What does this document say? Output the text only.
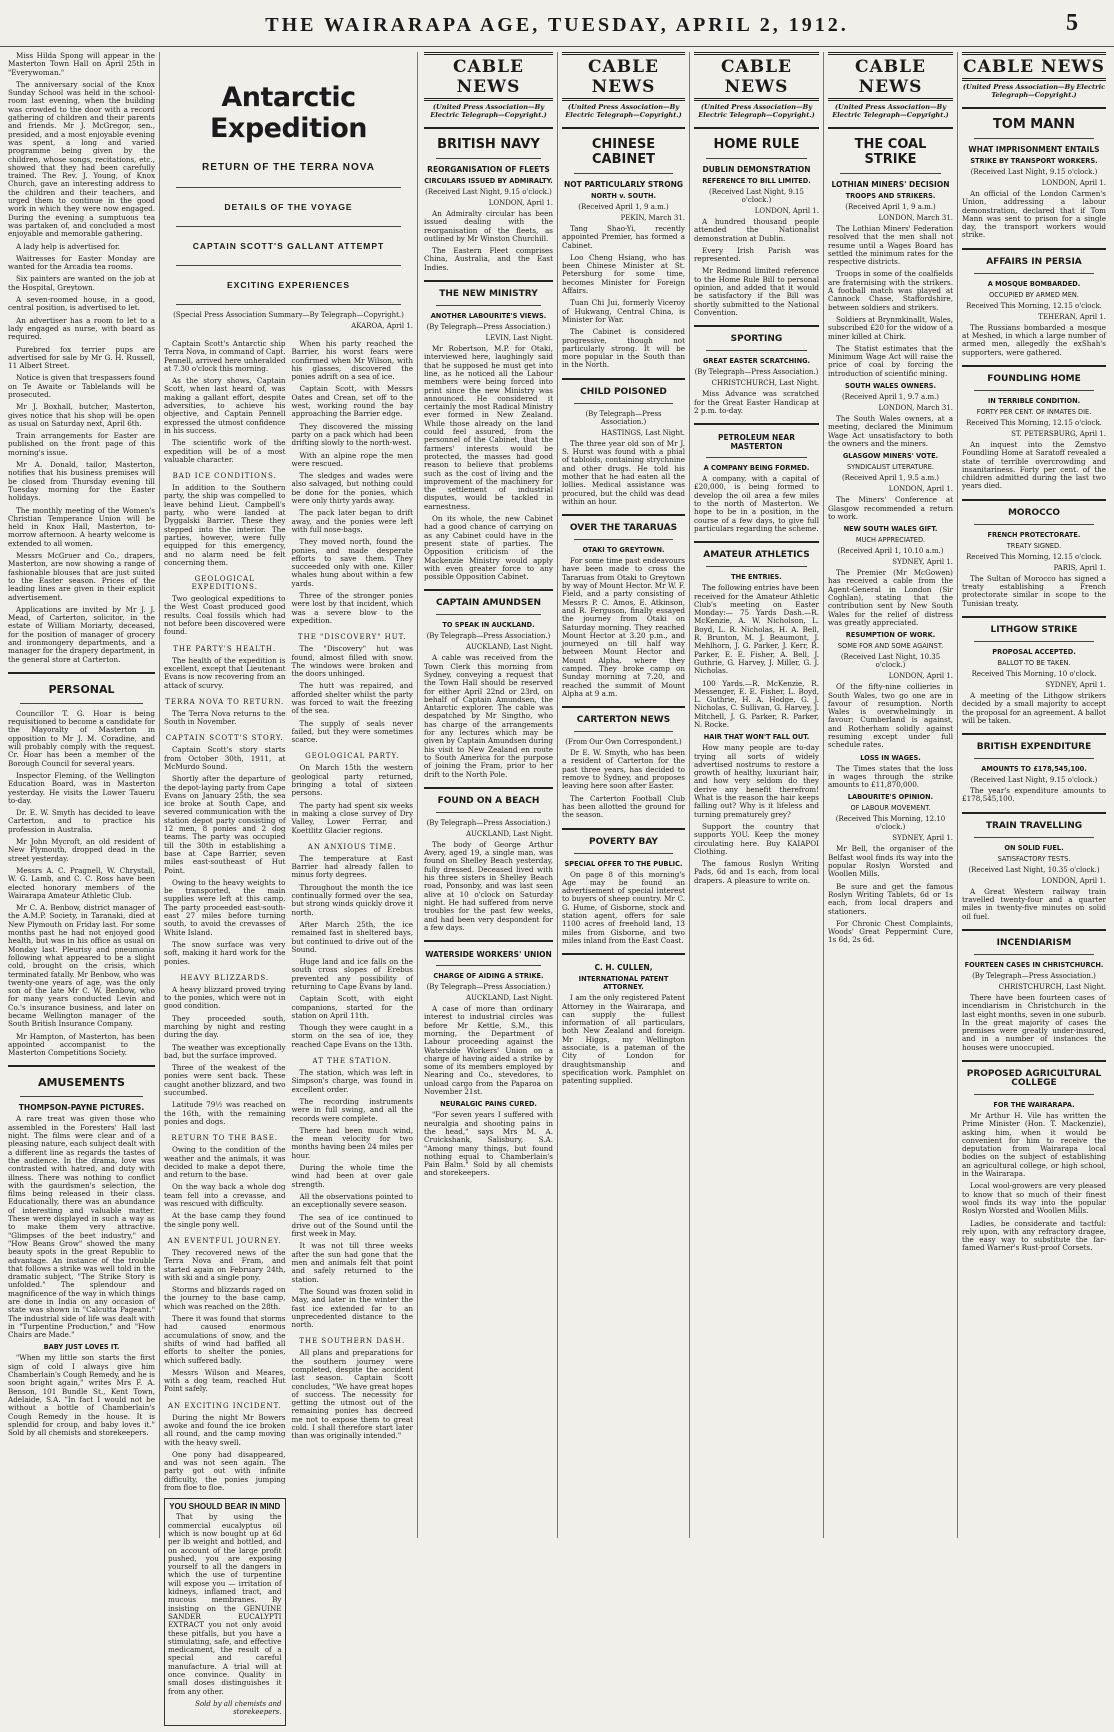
THE WAIRARAPA AGE, TUESDAY, APRIL 2, 1912.	5

Miss Hilda Spong will appear in the Masterton Town Hall on April 25th in "Everywoman."

The anniversary social of the Knox Sunday School was held in the school-room last evening, when the building was crowded to the door with a record gathering of children and their parents and friends. Mr J. McGregor, sen., presided, and a most enjoyable evening was spent, a long and varied programme being given by the children, whose songs, recitations, etc., showed that they had been carefully trained. The Rev. J. Young, of Knox Church, gave an interesting address to the children and their teachers, and urged them to continue in the good work in which they were now engaged. During the evening a sumptuous tea was partaken of, and concluded a most enjoyable and memorable gathering.

A lady help is advertised for.

Waitresses for Easter Monday are wanted for the Arcadia tea rooms.

Six painters are wanted on the job at the Hospital, Greytown.

A seven-roomed house, in a good, central position, is advertised to let.

An advertiser has a room to let to a lady engaged as nurse, with board as required.

Purebred fox terrier pups are advertised for sale by Mr G. H. Russell, 11 Albert Street.

Notice is given that trespassers found on Te Awaite or Tablelands will be prosecuted.

Mr J. Boxhall, butcher, Masterton, gives notice that his shop will be open as usual on Saturday next, April 6th.

Train arrangements for Easter are published on the front page of this morning's issue.

Mr A. Donald, tailor, Masterton, notifies that his business premises will be closed from Thursday evening till Tuesday morning for the Easter holidays.

The monthly meeting of the Women's Christian Temperance Union will be held in Knox Hall, Masterton, to-morrow afternoon. A hearty welcome is extended to all women.

Messrs McGruer and Co., drapers, Masterton, are now showing a range of fashionable blouses that are just suited to the Easter season. Prices of the leading lines are given in their explicit advertisement.

Applications are invited by Mr J. J. Mead, of Carterton, solicitor, in the estate of William Moriarty, deceased, for the position of manager of grocery and ironmongery departments, and a manager for the drapery department, in the general store at Carterton.

PERSONAL

Councillor T. G. Hoar is being requisitioned to become a candidate for the Mayoralty of Masterton in opposition to Mr J. M. Coradine, and will probably comply with the request. Cr. Hoar has been a member of the Borough Council for several years.

Inspector Fleming, of the Wellington Education Board, was in Masterton yesterday. He visits the Lower Taueru to-day.

Dr. E. W. Smyth has decided to leave Carterton, and to practice his profession in Australia.

Mr John Mycroft, an old resident of New Plymouth, dropped dead in the street yesterday.

Messrs A. C. Pragnell, W. Chrystall, W. G. Lamb, and C. C. Ross have been elected honorary members of the Wairarapa Amateur Athletic Club.

Mr C. A. Benbow, district manager of the A.M.P. Society, in Taranaki, died at New Plymouth on Friday last. For some months past he had not enjoyed good health, but was in his office as usual on Monday last. Pleurisy and pneumonia following what appeared to be a slight cold, brought on the crisis, which terminated fatally. Mr Benbow, who was twenty-one years of age, was the only son of the late Mr C. W. Benbow, who for many years conducted Levin and Co.'s insurance business, and later on became Wellington manager of the South British Insurance Company.

Mr Hampton, of Masterton, has been appointed accompanist to the Masterton Competitions Society.

AMUSEMENTS
THOMPSON-PAYNE PICTURES.

A rare treat was given those who assembled in the Foresters' Hall last night. The films were clear and of a pleasing nature, each subject dealt with a different line as regards the tastes of the audience. In the drama, love was contrasted with hatred, and duty with illness. There was nothing to conflict with the gaurdsmen's selection, the films being released in their class. Educationally, there was an abundance of interesting and valuable matter. These were displayed in such a way as to make them very attractive. "Glimpses of the beet industry," and "How Beans Grow" showed the many beauty spots in the great Republic to advantage. An instance of the trouble that follows a strike was well told in the dramatic subject, "The Strike Story is unfolded." The splendour and magnificence of the way in which things are done in India on any occasion of state was shown in "Calcutta Pageant." The industrial side of life was dealt with in "Turpentine Production," and "How Chairs are Made."

BABY JUST LOVES IT.

"When my little son starts the first sign of cold I always give him Chamberlain's Cough Remedy, and he is soon bright again," writes Mrs F. A. Benson, 101 Bundle St., Kent Town, Adelaide, S.A. "In fact I would not be without a bottle of Chamberlain's Cough Remedy in the house. It is splendid for croup, and baby loves it." Sold by all chemists and storekeepers.

Antarctic Expedition
RETURN OF THE TERRA NOVA
DETAILS OF THE VOYAGE
CAPTAIN SCOTT'S GALLANT ATTEMPT
EXCITING EXPERIENCES
(Special Press Association Summary—By Telegraph—Copyright.)
AKAROA, April 1.

Captain Scott's Antarctic ship Terra Nova, in command of Capt. Pennell, arrived here unheralded at 7.30 o'clock this morning.

As the story shows, Captain Scott, when last heard of, was making a gallant effort, despite adversities, to achieve his objective, and Captain Pennell expressed the utmost confidence in his success.

The scientific work of the expedition will be of a most valuable character.

BAD ICE CONDITIONS.

In addition to the Southern party, the ship was compelled to leave behind Lieut. Campbell's party, who were landed at Dyggalski Barrier. These they stepped into the interior. The parties, however, were fully equipped for this emergency, and no alarm need be felt concerning them.

GEOLOGICAL EXPEDITIONS.

Two geological expeditions to the West Coast produced good results. Coal fossils which had not before been discovered were found.

THE PARTY'S HEALTH.

The health of the expedition is excellent, except that Lieutenant Evans is now recovering from an attack of scurvy.

TERRA NOVA TO RETURN.

The Terra Nova returns to the South in November.

CAPTAIN SCOTT'S STORY.

Captain Scott's story starts from October 30th, 1911, at McMurdo Sound.

Shortly after the departure of the depot-laying party from Cape Evans on January 25th, the sea ice broke at South Cape, and severed communication with the station depot party consisting of 12 men, 8 ponies and 2 dog teams. The party was occupied till the 30th in establishing a base at Cape Barrier, seven miles east-southeast of Hut Point.

Owing to the heavy weights to be transported, the main supplies were left at this camp. The party proceeded east-south-east 27 miles before turning south, to avoid the crevasses of White Island.

The snow surface was very soft, making it hard work for the ponies.

HEAVY BLIZZARDS.

A heavy blizzard proved trying to the ponies, which were not in good condition.

They proceeded south, marching by night and resting during the day.

The weather was exceptionally bad, but the surface improved.

Three of the weakest of the ponies were sent back. These caught another blizzard, and two succumbed.

Latitude 79½ was reached on the 16th, with the remaining ponies and dogs.

RETURN TO THE BASE.

Owing to the condition of the weather and the animals, it was decided to make a depot there, and return to the base.

On the way back a whole dog team fell into a crevasse, and was rescued with difficulty.

At the base camp they found the single pony well.

AN EVENTFUL JOURNEY.

They recovered news of the Terra Nova and Fram, and started again on February 24th, with ski and a single pony.

Storms and blizzards raged on the journey to the base camp, which was reached on the 28th.

There it was found that storms had caused enormous accumulations of snow, and the shifts of wind had baffled all efforts to shelter the ponies, which suffered badly.

Messrs Wilson and Meares, with a dog team, reached Hut Point safely.

AN EXCITING INCIDENT.

During the night Mr Bowers awoke and found the ice broken all round, and the camp moving with the heavy swell.

One pony had disappeared, and was not seen again. The party got out with infinite difficulty, the ponies jumping from floe to floe.

YOU SHOULD BEAR IN MIND

That by using the commercial eucalyptus oil which is now bought up at 6d per lb weight and bottled, and on account of the large profit pushed, you are exposing yourself to all the dangers in which the use of turpentine will expose you — irritation of kidneys, inflamed tract, and mucous membranes. By insisting on the GENUINE SANDER EUCALYPTI EXTRACT you not only avoid these pitfalls, but you have a stimulating, safe, and effective medicament, the result of a special and careful manufacture. A trial will at once convince. Quality in small doses distinguishes it from any other.

Sold by all chemists and storekeepers.

When his party reached the Barrier, his worst fears were confirmed when Mr Wilson, with his glasses, discovered the ponies adrift on a sea of ice.

Captain Scott, with Messrs Oates and Crean, set off to the west, working round the bay approaching the Barrier edge.

They discovered the missing party on a pack which had been drifting slowly to the north-west.

With an alpine rope the men were rescued.

The sledges and wades were also salvaged, but nothing could be done for the ponies, which were only thirty yards away.

The pack later began to drift away, and the ponies were left with full nose-bags.

They moved north, found the ponies, and made desperate efforts to save them. They succeeded only with one. Killer whales hung about within a few yards.

Three of the stronger ponies were lost by that incident, which was a severe blow to the expedition.

THE "DISCOVERY" HUT.

The "Discovery" hut was found, almost filled with snow. The windows were broken and the doors unhinged.

The hutt was repaired, and afforded shelter whilst the party was forced to wait the freezing of the sea.

The supply of seals never failed, but they were sometimes scarce.

GEOLOGICAL PARTY.

On March 15th the western geological party returned, bringing a total of sixteen persons.

The party had spent six weeks in making a close survey of Dry Valley, Lower Ferrar, and Koettlitz Glacier regions.

AN ANXIOUS TIME.

The temperature at East Barrier had already fallen to minus forty degrees.

Throughout the month the ice continually formed over the sea, but strong winds quickly drove it north.

After March 25th, the ice remained fast in sheltered bays, but continued to drive out of the Sound.

Huge land and ice falls on the south cross slopes of Erebus prevented any possibility of returning to Cape Evans by land.

Captain Scott, with eight companions, started for the station on April 11th.

Though they were caught in a storm on the sea of ice, they reached Cape Evans on the 13th.

AT THE STATION.

The station, which was left in Simpson's charge, was found in excellent order.

The recording instruments were in full swing, and all the records were complete.

There had been much wind, the mean velocity for two months having been 24 miles per hour.

During the whole time the wind had been at over gale strength.

All the observations pointed to an exceptionally severe season.

The sea of ice continued to drive out of the Sound until the first week in May.

It was not till three weeks after the sun had gone that the men and animals felt that point and safely returned to the station.

The Sound was frozen solid in May, and later in the winter the fast ice extended far to an unprecedented distance to the north.

THE SOUTHERN DASH.

All plans and preparations for the southern journey were completed, despite the accident last season. Captain Scott concludes, "We have great hopes of success. The necessity for getting the utmost out of the remaining ponies has decreed me not to expose them to great cold. I shall therefore start later than was originally intended."

CABLE NEWS
(United Press Association—By Electric Telegraph—Copyright.)
BRITISH NAVY
REORGANISATION OF FLEETS
CIRCULARS ISSUED BY ADMIRALTY.
(Received Last Night, 9.15 o'clock.)
LONDON, April 1.

An Admiralty circular has been issued dealing with the reorganisation of the fleets, as outlined by Mr Winston Churchill.

The Eastern Fleet comprises China, Australia, and the East Indies.

THE NEW MINISTRY
ANOTHER LABOURITE'S VIEWS.
(By Telegraph—Press Association.)
LEVIN, Last Night.

Mr Robertson, M.P. for Otaki, interviewed here, laughingly said that he supposed he must get into line, as he noticed all the Labour members were being forced into print since the new Ministry was announced. He considered it certainly the most Radical Ministry ever formed in New Zealand. While those already on the land could feel assured, from the personnel of the Cabinet, that the farmers' interests would be protected, the masses had good reason to believe that problems such as the cost of living and the improvement of the machinery for the settlement of industrial disputes, would be tackled in earnestness.

On its whole, the new Cabinet had a good chance of carrying on as any Cabinet could have in the present state of parties. The Opposition criticism of the Mackenzie Ministry would apply with even greater force to any possible Opposition Cabinet.

CAPTAIN AMUNDSEN
TO SPEAK IN AUCKLAND.
(By Telegraph—Press Association.)
AUCKLAND, Last Night.

A cable was received from the Town Clerk this morning from Sydney, conveying a request that the Town Hall should be reserved for either April 22nd or 23rd, on behalf of Captain Amundsen, the Antarctic explorer. The cable was despatched by Mr Singtho, who has charge of the arrangements for any lectures which may be given by Captain Amundsen during his visit to New Zealand en route to South America for the purpose of joining the Fram, prior to her drift to the North Pole.

FOUND ON A BEACH
(By Telegraph—Press Association.)
AUCKLAND, Last Night.

The body of George Arthur Avery, aged 19, a single man, was found on Shelley Beach yesterday, fully dressed. Deceased lived with his three sisters in Shelley Beach road, Ponsonby, and was last seen alive at 10 o'clock on Saturday night. He had suffered from nerve troubles for the past few weeks, and had been very despondent for a few days.

WATERSIDE WORKERS' UNION
CHARGE OF AIDING A STRIKE.
(By Telegraph—Press Association.)
AUCKLAND, Last Night.

A case of more than ordinary interest to industrial circles was before Mr Kettle, S.M., this morning, the Department of Labour proceeding against the Waterside Workers' Union on a charge of having aided a strike by some of its members employed by Nearing and Co., stevedores, to unload cargo from the Paparoa on November 21st.

NEURALGIC PAINS CURED.

"For seven years I suffered with neuralgia and shooting pains in the head," says Mrs M. A. Cruickshank, Salisbury, S.A. "Among many things, but found nothing equal to Chamberlain's Pain Balm." Sold by all chemists and storekeepers.

CABLE NEWS
(United Press Association—By Electric Telegraph—Copyright.)
CHINESE CABINET
NOT PARTICULARLY STRONG
NORTH v. SOUTH.
(Received April 1, 9 a.m.)
PEKIN, March 31.

Tang Shao-Yi, recently appointed Premier, has formed a Cabinet.

Loo Cheng Hsiang, who has been Chinese Minister at St. Petersburg for some time, becomes Minister for Foreign Affairs.

Tuan Chi Jui, formerly Viceroy of Hukwang, Central China, is Minister for War.

The Cabinet is considered progressive, though not particularly strong. It will be more popular in the South than in the North.

CHILD POISONED
(By Telegraph—Press Association.)
HASTINGS, Last Night.

The three year old son of Mr J. S. Hurst was found with a phial of tabloids, containing strychnine and other drugs. He told his mother that he had eaten all the lollies. Medical assistance was procured, but the child was dead within an hour.

OVER THE TARARUAS
OTAKI TO GREYTOWN.

For some time past endeavours have been made to cross the Tararuas from Otaki to Greytown by way of Mount Hector. Mr W. F. Field, and a party consisting of Messrs P. C. Amos, E. Atkinson, and R. Ferguson, finally essayed the journey from Otaki on Saturday morning. They reached Mount Hector at 3.20 p.m., and journeyed on till half way between Mount Hector and Mount Alpha, where they camped. They broke camp on Sunday morning at 7.20, and reached the summit of Mount Alpha at 9 a.m.

CARTERTON NEWS
(From Our Own Correspondent.)

Dr E. W. Smyth, who has been a resident of Carterton for the past three years, has decided to remove to Sydney, and proposes leaving here soon after Easter.

The Carterton Football Club has been allotted the ground for the season.

POVERTY BAY
SPECIAL OFFER TO THE PUBLIC.

On page 8 of this morning's Age may be found an advertisement of special interest to buyers of sheep country. Mr C. G. Hume, of Gisborne, stock and station agent, offers for sale 1100 acres of freehold land, 13 miles from Gisborne, and two miles inland from the East Coast.

C. H. CULLEN,
INTERNATIONAL PATENT ATTORNEY.

I am the only registered Patent Attorney in the Wairarapa, and can supply the fullest information of all particulars, both New Zealand and foreign. Mr Higgs, my Wellington associate, is a pateman of the City of London for draughtsmanship and specification work. Pamphlet on patenting supplied.

CABLE NEWS
(United Press Association—By Electric Telegraph—Copyright.)
HOME RULE
DUBLIN DEMONSTRATION
REFERENCE TO BILL LIMITED.
(Received Last Night, 9.15 o'clock.)
LONDON, April 1.

A hundred thousand people attended the Nationalist demonstration at Dublin.

Every Irish Parish was represented.

Mr Redmond limited reference to the Home Rule Bill to personal opinion, and added that it would be satisfactory if the Bill was shortly submitted to the National Convention.

SPORTING
GREAT EASTER SCRATCHING.
(By Telegraph—Press Association.)
CHRISTCHURCH, Last Night.

Miss Advance was scratched for the Great Easter Handicap at 2 p.m. to-day.

PETROLEUM NEAR MASTERTON
A COMPANY BEING FORMED.

A company, with a capital of £20,000, is being formed to develop the oil area a few miles to the north of Masterton. We hope to be in a position, in the course of a few days, to give full particulars regarding the scheme.

AMATEUR ATHLETICS
THE ENTRIES.

The following entries have been received for the Amateur Athletic Club's meeting on Easter Monday:— 75 Yards Dash.—R. McKenzie, A. W. Nicholson, L. Boyd, L. R. Nicholas, H. A. Bell, R. Brunton, M. J. Beaumont, J. Mehlhorn, J. G. Parker, J. Kerr, R. Parker, E. E. Fisher, A. Bell, J. Guthrie, G. Harvey, J. Miller, G. J. Nicholas.

100 Yards.—R. McKenzie, R. Messenger, E. E. Fisher, L. Boyd, L. Guthrie, H. A. Hodge, G. J. Nicholas, C. Sullivan, G. Harvey, J. Mitchell, J. G. Parker, R. Parker, N. Rocke.

HAIR THAT WON'T FALL OUT.

How many people are to-day trying all sorts of widely advertised nostrums to restore a growth of healthy, luxuriant hair, and how very seldom do they derive any benefit therefrom! What is the reason the hair keeps falling out? Why is it lifeless and turning prematurely grey?

Support the country that supports YOU. Keep the money circulating here. Buy KAIAPOI Clothing.

The famous Roslyn Writing Pads, 6d and 1s each, from local drapers. A pleasure to write on.

CABLE NEWS
(United Press Association—By Electric Telegraph—Copyright.)
THE COAL STRIKE
LOTHIAN MINERS' DECISION
TROOPS AND STRIKERS.
(Received April 1, 9 a.m.)
LONDON, March 31.

The Lothian Miners' Federation resolved that the men shall not resume until a Wages Board has settled the minimum rates for the respective districts.

Troops in some of the coalfields are fraternising with the strikers. A football match was played at Cannock Chase, Staffordshire, between soldiers and strikers.

Soldiers at Brynmkinallt, Wales, subscribed £20 for the widow of a miner killed at Chirk.

The Statist estimates that the Minimum Wage Act will raise the price of coal by forcing the introduction of scientific mining.

SOUTH WALES OWNERS.
(Received April 1, 9.7 a.m.)
LONDON, March 31.

The South Wales owners, at a meeting, declared the Minimum Wage Act unsatisfactory to both the owners and the miners.

GLASGOW MINERS' VOTE.
SYNDICALIST LITERATURE.
(Received April 1, 9.5 a.m.)
LONDON, April 1.

The Miners' Conference at Glasgow recommended a return to work.

NEW SOUTH WALES GIFT.
MUCH APPRECIATED.
(Received April 1, 10.10 a.m.)
SYDNEY, April 1.

The Premier (Mr McGowen) has received a cable from the Agent-General in London (Sir Coghlan), stating that the contribution sent by New South Wales for the relief of distress was greatly appreciated.

RESUMPTION OF WORK.
SOME FOR AND SOME AGAINST.
(Received Last Night, 10.35 o'clock.)
LONDON, April 1.

Of the fifty-nine collieries in South Wales, two go one are in favour of resumption. North Wales is overwhelmingly in favour; Cumberland is against, and Rotherham solidly against resuming except under full schedule rates.

LOSS IN WAGES.

The Times states that the loss in wages through the strike amounts to £11,870,000.

LABOURITE'S OPINION.
OF LABOUR MOVEMENT.
(Received This Morning, 12.10 o'clock.)
SYDNEY, April 1.

Mr Bell, the organiser of the Belfast wool finds its way into the popular Roslyn Worsted and Woollen Mills.

Be sure and get the famous Roslyn Writing Tablets, 6d or 1s each, from local drapers and stationers.

For Chronic Chest Complaints, Woods' Great Peppermint Cure, 1s 6d, 2s 6d.

CABLE NEWS
(United Press Association—By Electric Telegraph—Copyright.)
TOM MANN
WHAT IMPRISONMENT ENTAILS
STRIKE BY TRANSPORT WORKERS.
(Received Last Night, 9.15 o'clock.)
LONDON, April 1.

An official of the London Carmen's Union, addressing a labour demonstration, declared that if Tom Mann was sent to prison for a single day, the transport workers would strike.

AFFAIRS IN PERSIA
A MOSQUE BOMBARDED.
OCCUPIED BY ARMED MEN.
Received This Morning, 12.15 o'clock.
TEHERAN, April 1.

The Russians bombarded a mosque at Meshed, in which a large number of armed men, allegedly the exShah's supporters, were gathered.

FOUNDLING HOME
IN TERRIBLE CONDITION.
FORTY PER CENT. OF INMATES DIE.
Received This Morning, 12.15 o'clock.
ST. PETERSBURG, April 1.

An inquest into the Zemstvo Foundling Home at Saratoff revealed a state of terrible overcrowding and insanitariness. Forty per cent. of the children admitted during the last two years died.

MOROCCO
FRENCH PROTECTORATE.
TREATY SIGNED.
Received This Morning, 12.15 o'clock.
PARIS, April 1.

The Sultan of Morocco has signed a treaty establishing a French protectorate similar in scope to the Tunisian treaty.

LITHGOW STRIKE
PROPOSAL ACCEPTED.
BALLOT TO BE TAKEN.
Received This Morning, 10 o'clock.
SYDNEY, April 1.

A meeting of the Lithgow strikers decided by a small majority to accept the proposal for an agreement. A ballot will be taken.

BRITISH EXPENDITURE
AMOUNTS TO £178,545,100.
(Received Last Night, 9.15 o'clock.)

The year's expenditure amounts to £178,545,100.

TRAIN TRAVELLING
ON SOLID FUEL.
SATISFACTORY TESTS.
(Received Last Night, 10.35 o'clock.)
LONDON, April 1.

A Great Western railway train travelled twenty-four and a quarter miles in twenty-five minutes on solid oil fuel.

INCENDIARISM
FOURTEEN CASES IN CHRISTCHURCH.
(By Telegraph—Press Association.)
CHRISTCHURCH, Last Night.

There have been fourteen cases of incendiarism in Christchurch in the last eight months, seven in one suburb. In the great majority of cases the premises were greatly under-insured, and in a number of instances the houses were unoccupied.

PROPOSED AGRICULTURAL COLLEGE
FOR THE WAIRARAPA.

Mr Arthur H. Vile has written the Prime Minister (Hon. T. Mackenzie), asking him, when it would be convenient for him to receive the deputation from Wairarapa local bodies on the subject of establishing an agricultural college, or high school, in the Wairarapa.

Local wool-growers are very pleased to know that so much of their finest wool finds its way into the popular Roslyn Worsted and Woollen Mills.

Ladies, be considerate and tactful: rely upon, with any refractory dragee, the easy way to substitute the far-famed Warner's Rust-proof Corsets.
